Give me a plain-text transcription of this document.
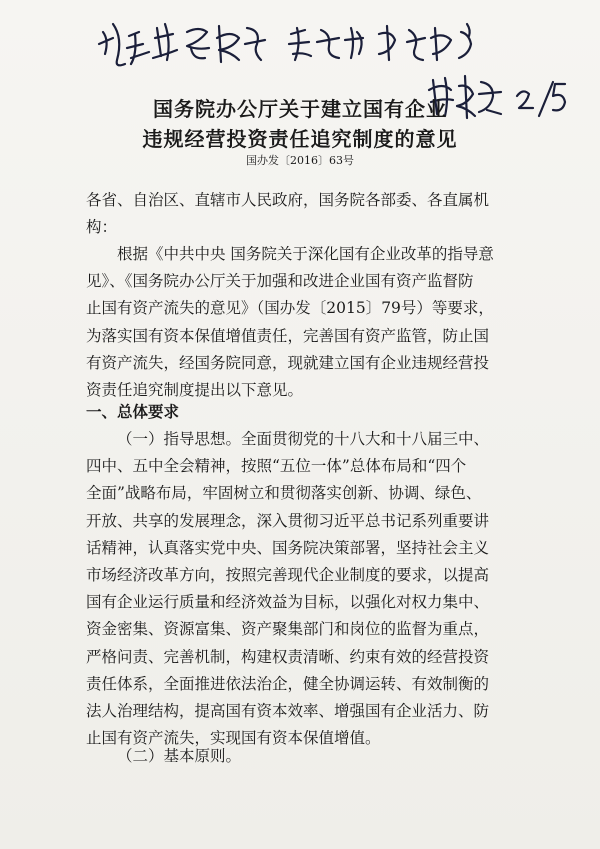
国务院办公厅关于建立国有企业
违规经营投资责任追究制度的意见
国办发〔2016〕63号
各省、自治区、直辖市人民政府，国务院各部委、各直属机
构：
根据《中共中央 国务院关于深化国有企业改革的指导意
见》、《国务院办公厅关于加强和改进企业国有资产监督防
止国有资产流失的意见》（国办发〔2015〕79号）等要求，
为落实国有资本保值增值责任，完善国有资产监管，防止国
有资产流失，经国务院同意，现就建立国有企业违规经营投
资责任追究制度提出以下意见。
一、总体要求
（一）指导思想。全面贯彻党的十八大和十八届三中、
四中、五中全会精神，按照“五位一体”总体布局和“四个
全面”战略布局，牢固树立和贯彻落实创新、协调、绿色、
开放、共享的发展理念，深入贯彻习近平总书记系列重要讲
话精神，认真落实党中央、国务院决策部署，坚持社会主义
市场经济改革方向，按照完善现代企业制度的要求，以提高
国有企业运行质量和经济效益为目标，以强化对权力集中、
资金密集、资源富集、资产聚集部门和岗位的监督为重点，
严格问责、完善机制，构建权责清晰、约束有效的经营投资
责任体系，全面推进依法治企，健全协调运转、有效制衡的
法人治理结构，提高国有资本效率、增强国有企业活力、防
止国有资产流失，实现国有资本保值增值。
（二）基本原则。
